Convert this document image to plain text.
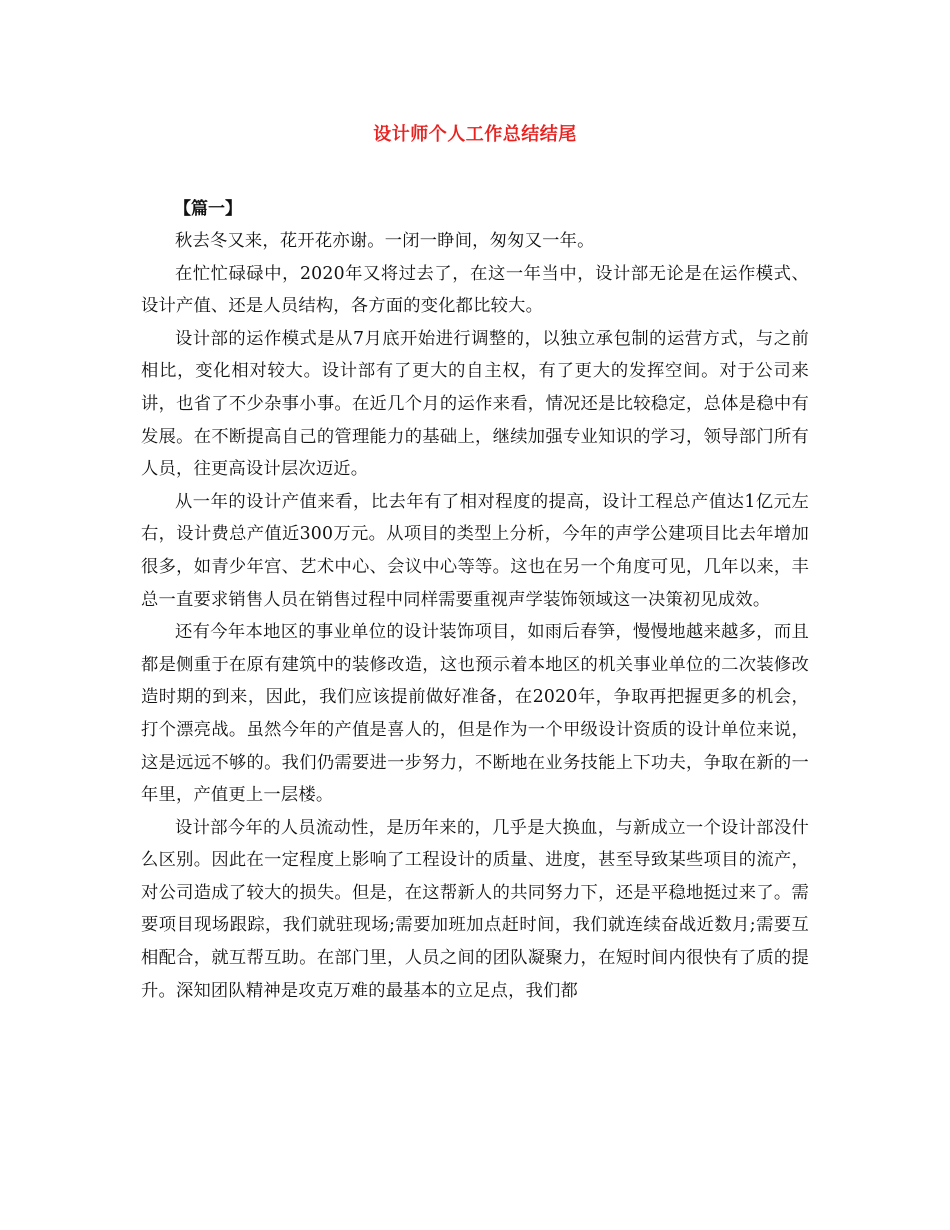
设计师个人工作总结结尾

【篇一】

秋去冬又来，花开花亦谢。一闭一睁间，匆匆又一年。

在忙忙碌碌中，2020年又将过去了，在这一年当中，设计部无论是在运作模式、设计产值、还是人员结构，各方面的变化都比较大。

设计部的运作模式是从7月底开始进行调整的，以独立承包制的运营方式，与之前相比，变化相对较大。设计部有了更大的自主权，有了更大的发挥空间。对于公司来讲，也省了不少杂事小事。在近几个月的运作来看，情况还是比较稳定，总体是稳中有发展。在不断提高自己的管理能力的基础上，继续加强专业知识的学习，领导部门所有人员，往更高设计层次迈近。

从一年的设计产值来看，比去年有了相对程度的提高，设计工程总产值达1亿元左右，设计费总产值近300万元。从项目的类型上分析，今年的声学公建项目比去年增加很多，如青少年宫、艺术中心、会议中心等等。这也在另一个角度可见，几年以来，丰总一直要求销售人员在销售过程中同样需要重视声学装饰领域这一决策初见成效。

还有今年本地区的事业单位的设计装饰项目，如雨后春笋，慢慢地越来越多，而且都是侧重于在原有建筑中的装修改造，这也预示着本地区的机关事业单位的二次装修改造时期的到来，因此，我们应该提前做好准备，在2020年，争取再把握更多的机会，打个漂亮战。虽然今年的产值是喜人的，但是作为一个甲级设计资质的设计单位来说，这是远远不够的。我们仍需要进一步努力，不断地在业务技能上下功夫，争取在新的一年里，产值更上一层楼。

设计部今年的人员流动性，是历年来的，几乎是大换血，与新成立一个设计部没什么区别。因此在一定程度上影响了工程设计的质量、进度，甚至导致某些项目的流产，对公司造成了较大的损失。但是，在这帮新人的共同努力下，还是平稳地挺过来了。需要项目现场跟踪，我们就驻现场;需要加班加点赶时间，我们就连续奋战近数月;需要互相配合，就互帮互助。在部门里，人员之间的团队凝聚力，在短时间内很快有了质的提升。深知团队精神是攻克万难的最基本的立足点，我们都
